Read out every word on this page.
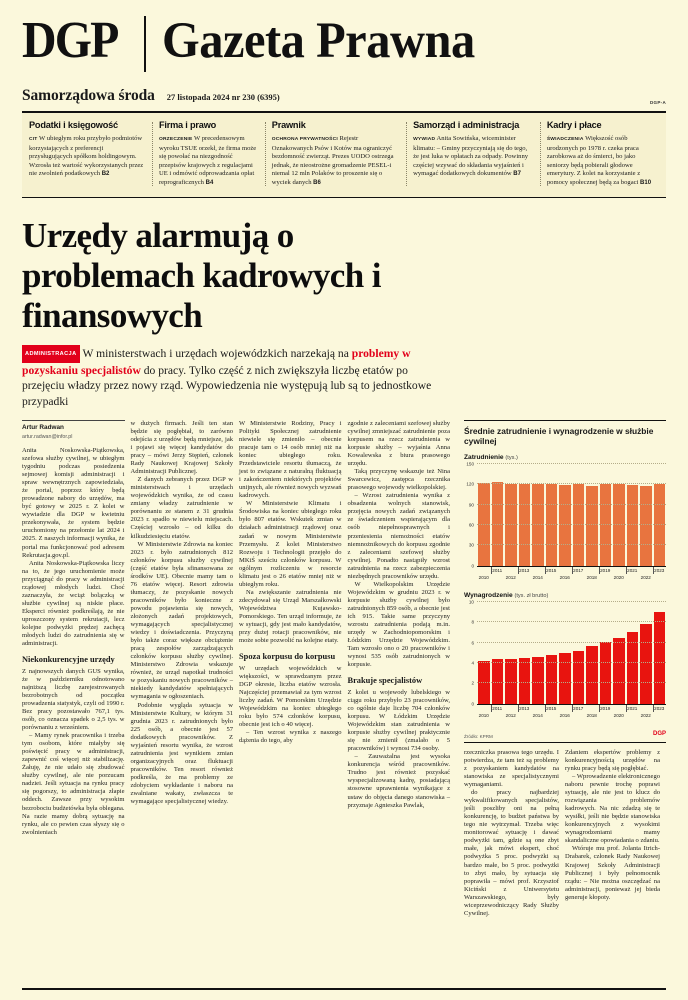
DGP Gazeta Prawna
Samorządowa środa 27 listopada 2024 nr 230 (6395)
DGP-A
Podatki i księgowość
CIT W ubiegłym roku przybyło podmiotów korzystających z preferencji przysługujących spółkom holdingowym. Wzrosła też wartość wykorzystanych przez nie zwolnień podatkowych B2
Firma i prawo
ORZECZENIE W precedensowym wyroku TSUE orzekł, że firma może się powołać na niezgodność przepisów krajowych z regulacjami UE i odmówić odprowadzania opłat reprograficznych B4
Prawnik
OCHRONA PRYWATNOŚCI Rejestr Oznakowanych Psów i Kotów ma ograniczyć bezdomność zwierząt. Prezes UODO ostrzega jednak, że nieostrożne gromadzenie PESEL-i niemal 12 mln Polaków to proszenie się o wyciek danych B6
Samorząd i administracja
WYWIAD Anita Sowińska, wiceminister klimatu: – Gminy przyczyniają się do tego, że jest luka w opłatach za odpady. Powinny częściej wzywać do składania wyjaśnień i wymagać dodatkowych dokumentów B7
Kadry i płace
ŚWIADCZENIA Większość osób urodzonych po 1978 r. czeka praca zarobkowa aż do śmierci, bo jako seniorzy będą pobierali głodowe emerytury. Z kolei na korzystanie z pomocy społecznej będą za bogaci B10
Urzędy alarmują o problemach kadrowych i finansowych
ADMINISTRACJA W ministerstwach i urzędach wojewódzkich narzekają na problemy w pozyskaniu specjalistów do pracy. Tylko część z nich zwiększyła liczbę etatów po przejęciu władzy przez nowy rząd. Wypowiedzenia nie występują lub są to jednostkowe przypadki
Artur Radwan
artur.radwan@infor.pl

Anita Noskowska-Piątkowska, szefowa służby cywilnej, w ubiegłym tygodniu podczas posiedzenia sejmowej komisji administracji i spraw wewnętrznych zapowiedziała, że portal, poprzez który będą prowadzone nabory do urzędów, ma być gotowy w 2025 r. Z kolei w wywiadzie dla DGP w kwietniu przekonywała, że system będzie uruchomiony na przełomie lat 2024 i 2025. Z naszych informacji wynika, że portal ma funkcjonować pod adresem Rekrutacja.gov.pl.

Anita Noskowska-Piątkowska liczy na to, że jego uruchomienie może przyciągnąć do pracy w administracji rządowej młodych ludzi. Choć zaznaczyła, że wciąż bolączką w służbie cywilnej są niskie płace. Eksperci również podkreślają, że nie uproszczony system rekrutacji, lecz kolejne podwyżki prędzej zachęcą młodych ludzi do zatrudnienia się w administracji.

Niekonkurencyjne urzędy

Z najnowszych danych GUS wynika, że w październiku odnotowano najniższą liczbę zarejestrowanych bezrobotnych od początku prowadzenia statystyk, czyli od 1990 r. Bez pracy pozostawało 767,1 tys. osób, co oznacza spadek o 2,5 tys. w porównaniu z wrześniem.

– Mamy rynek pracownika i trzeba tym osobom, które miałyby się poświęcić pracy w administracji, zapewnić coś więcej niż stabilizację. Żałuję, że nie udało się zbudować służby cywilnej, ale nie porzucam nadziei. Jeśli sytuacja na rynku pracy się pogorszy, to administracja złapie oddech. Zawsze przy wysokim bezrobociu budżetówka była oblegana. Na razie mamy dobrą sytuację na rynku, ale co pewien czas słyszy się o zwolnieniach

w dużych firmach. Jeśli ten stan będzie się pogłębiał, to zarówno odejścia z urzędów będą mniejsze, jak i pojawi się więcej kandydatów do pracy – mówi Jerzy Stępień, członek Rady Naukowej Krajowej Szkoły Administracji Publicznej.

Z danych zebranych przez DGP w ministerstwach i urzędach wojewódzkich wynika, że od czasu zmiany władzy zatrudnienie w porównaniu ze stanem z 31 grudnia 2023 r. spadło w niewielu miejscach. Częściej wzrosło – od kilku do kilkudziesięciu etatów.

W Ministerstwie Zdrowia na koniec 2023 r. było zatrudnionych 812 członków korpusu służby cywilnej (część etatów była sfinansowana ze środków UE). Obecnie mamy tam o 76 etatów więcej. Resort zdrowia tłumaczy, że pozyskanie nowych pracowników było konieczne z powodu pojawienia się nowych, złożonych zadań projektowych, wymagających specjalistycznej wiedzy i doświadczenia. Przyczyną było także coraz większe obciążenie pracą zespołów zarządzających członków korpusu służby cywilnej. Ministerstwo Zdrowia wskazuje również, że urząd napotkał trudności w pozyskaniu nowych pracowników – niekiedy kandydatów spełniających wymagania w ogłoszeniach.

Podobnie wygląda sytuacja w Ministerstwie Kultury, w którym 31 grudnia 2023 r. zatrudnionych było 225 osób, a obecnie jest 57 dodatkowych pracowników. Z wyjaśnień resortu wynika, że wzrost zatrudnienia jest wynikiem zmian organizacyjnych oraz fluktuacji pracowników. Ten resort również podkreśla, że ma problemy ze zdobyciem wykładanie i naboru na zwalniane wakaty, zwłaszcza te wymagające specjalistycznej wiedzy.

W Ministerstwie Rodziny, Pracy i Polityki Społecznej zatrudnienie niewiele się zmieniło – obecnie pracuje tam o 14 osób mniej niż na koniec ubiegłego roku. Przedstawiciele resortu tłumaczą, że jest to związane z naturalną fluktuacją i zakończeniem niektórych projektów unijnych, ale również nowych wyzwań kadrowych.

W Ministerstwie Klimatu i Środowiska na koniec ubiegłego roku było 807 etatów. Wskutek zmian w działach administracji rządowej oraz zadań w nowym Ministerstwie Przemysłu. Z kolei Ministerstwo Rozwoju i Technologii przejęło do MKiŚ sześciu członków korpusu. W ogólnym rozliczeniu w resorcie klimatu jest o 26 etatów mniej niż w ubiegłym roku.

Na zwiększanie zatrudnienia nie zdecydował się Urząd Marszałkowski Województwa Kujawsko-Pomorskiego. Ten urząd informuje, że w sytuacji, gdy jest mało kandydatów, przy dużej rotacji pracowników, nie może sobie pozwolić na kolejne etaty.

Spoza korpusu do korpusu

W urzędach wojewódzkich w większości, w sprawdzanym przez DGP okresie, liczba etatów wzrosła. Najczęściej przemawiał za tym wzrost liczby zadań. W Pomorskim Urzędzie Wojewódzkim na koniec ubiegłego roku było 574 członków korpusu, obecnie jest ich o 40 więcej.

– Ten wzrost wynika z naszego dążenia do tego, aby

zgodnie z zaleceniami szefowej służby cywilnej zmniejszać zatrudnienie poza korpusem na rzecz zatrudnienia w korpusie służby – wyjaśnia Anna Kowalewska z biura prasowego urzędu.

Taką przyczynę wskazuje też Nina Swarcewicz, zastępca rzecznika prasowego wojewody wielkopolskiej.

– Wzrost zatrudnienia wynika z obsadzenia wolnych stanowisk, przejęcia nowych zadań związanych ze świadczeniem wspierającym dla osób niepełnosprawnych i przeniesienia niemożności etatów niemnożnikowych do korpusu zgodnie z zaleceniami szefowej służby cywilnej. Ponadto nastąpiły wzrost zatrudnienia na rzecz zabezpieczenia niezbędnych pracowników urzędu.

W Wielkopolskim Urzędzie Wojewódzkim w grudniu 2023 r. w korpusie służby cywilnej było zatrudnionych 859 osób, a obecnie jest ich 915. Takie same przyczyny wzrostu zatrudnienia podają m.in. urzędy w Zachodniopomorskim i Łódzkim Urzędzie Wojewódzkim. Tam wzrosło ono o 20 pracowników i wynosi 535 osób zatrudnionych w korpusie.

Brakuje specjalistów

Z kolei u wojewody lubelskiego w ciągu roku przybyło 23 pracowników, co ogólnie daje liczbę 704 członków korpusu. W Łódzkim Urzędzie Wojewódzkim stan zatrudnienia w korpusie służby cywilnej praktycznie się nie zmienił (zmalało o 5 pracowników) i wynosi 734 osoby.

– Zauważalna jest wysoka konkurencja wśród pracowników. Trudno jest również pozyskać wyspecjalizowaną kadrę, posiadającą stosowne uprawnienia wynikające z ustaw do objęcia danego stanowiska – przyznaje Agnieszka Pawlak,

Średnie zatrudnienie i wynagrodzenie w służbie cywilnej
Zatrudnienie (tys.)
0
30
60
90
120
150
2010
2011
2012
2013
2014
2015
2016
2017
2018
2019
2020
2021
2022
2023
Wynagrodzenie (tys. zł brutto)
0
2
4
6
8
10
2010
2011
2012
2013
2014
2015
2016
2017
2018
2019
2020
2021
2022
2023
Źródło: KPRM	DGP

rzeczniczka prasowa tego urzędu. I potwierdza, że tam też są problemy z pozyskaniem kandydatów na stanowiska ze specjalistycznymi wymaganiami.

do pracy najbardziej wykwalifikowanych specjalistów, jeśli poszliby oni na pełną konkurencję, to budżet państwa by tego nie wytrzymał. Trzeba więc monitorować sytuację i dawać podwyżki tam, gdzie są one zbyt małe, jak mówi ekspert, choć podwyżka 5 proc. podwyżki są bardzo małe, bo 5 proc. podwyżki to zbyt mało, by sytuacja się poprawiła – mówi prof. Krzysztof Kiciński z Uniwersytetu Warszawskiego, były wiceprzewodniczący Rady Służby Cywilnej.

Zdaniem ekspertów problemy z konkurencyjnością urzędów na rynku pracy będą się pogłębiać.

– Wprowadzenie elektronicznego naboru pewnie trochę poprawi sytuację, ale nie jest to klucz do rozwiązania problemów kadrowych. Na nic zdadzą się te wysiłki, jeśli nie będzie stanowiska konkurencyjnych z wysokimi wynagrodzeniami mamy skandaliczne opowiadania o zdaniu.

Wtóruje mu prof. Jolanta Itrich-Drabarek, członek Rady Naukowej Krajowej Szkoły Administracji Publicznej i były pełnomocnik rządu: – Nie można oszczędzać na administracji, ponieważ jej bieda generuje kłopoty.
